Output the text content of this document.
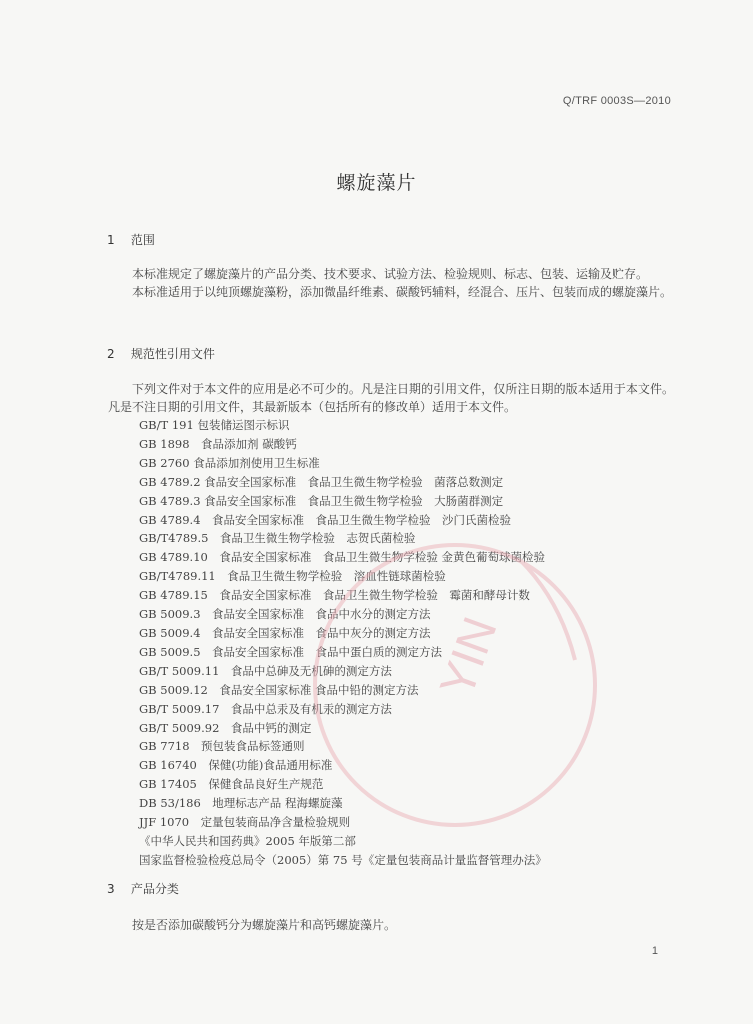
Q/TRF 0003S—2010
螺旋藻片
1 范围

本标准规定了螺旋藻片的产品分类、技术要求、试验方法、检验规则、标志、包装、运输及贮存。

本标准适用于以纯顶螺旋藻粉，添加微晶纤维素、碳酸钙辅料，经混合、压片、包装而成的螺旋藻片。

2 规范性引用文件

下列文件对于本文件的应用是必不可少的。凡是注日期的引用文件，仅所注日期的版本适用于本文件。凡是不注日期的引用文件，其最新版本（包括所有的修改单）适用于本文件。

GB/T 191 包装储运图示标识
GB 1898　食品添加剂 碳酸钙
GB 2760 食品添加剂使用卫生标准
GB 4789.2 食品安全国家标准　食品卫生微生物学检验　菌落总数测定
GB 4789.3 食品安全国家标准　食品卫生微生物学检验　大肠菌群测定
GB 4789.4　食品安全国家标准　食品卫生微生物学检验　沙门氏菌检验
GB/T4789.5　食品卫生微生物学检验　志贺氏菌检验
GB 4789.10　食品安全国家标准　食品卫生微生物学检验 金黄色葡萄球菌检验
GB/T4789.11　食品卫生微生物学检验　溶血性链球菌检验
GB 4789.15　食品安全国家标准　食品卫生微生物学检验　霉菌和酵母计数
GB 5009.3　食品安全国家标准　食品中水分的测定方法
GB 5009.4　食品安全国家标准　食品中灰分的测定方法
GB 5009.5　食品安全国家标准　食品中蛋白质的测定方法
GB/T 5009.11　食品中总砷及无机砷的测定方法
GB 5009.12　食品安全国家标准 食品中铅的测定方法
GB/T 5009.17　食品中总汞及有机汞的测定方法
GB/T 5009.92　食品中钙的测定
GB 7718　预包装食品标签通则
GB 16740　保健(功能)食品通用标准
GB 17405　保健食品良好生产规范
DB 53/186　地理标志产品 程海螺旋藻
JJF 1070　定量包装商品净含量检验规则
《中华人民共和国药典》2005 年版第二部
国家监督检验检疫总局令（2005）第 75 号《定量包装商品计量监督管理办法》
3 产品分类

按是否添加碳酸钙分为螺旋藻片和高钙螺旋藻片。

1
YIN
